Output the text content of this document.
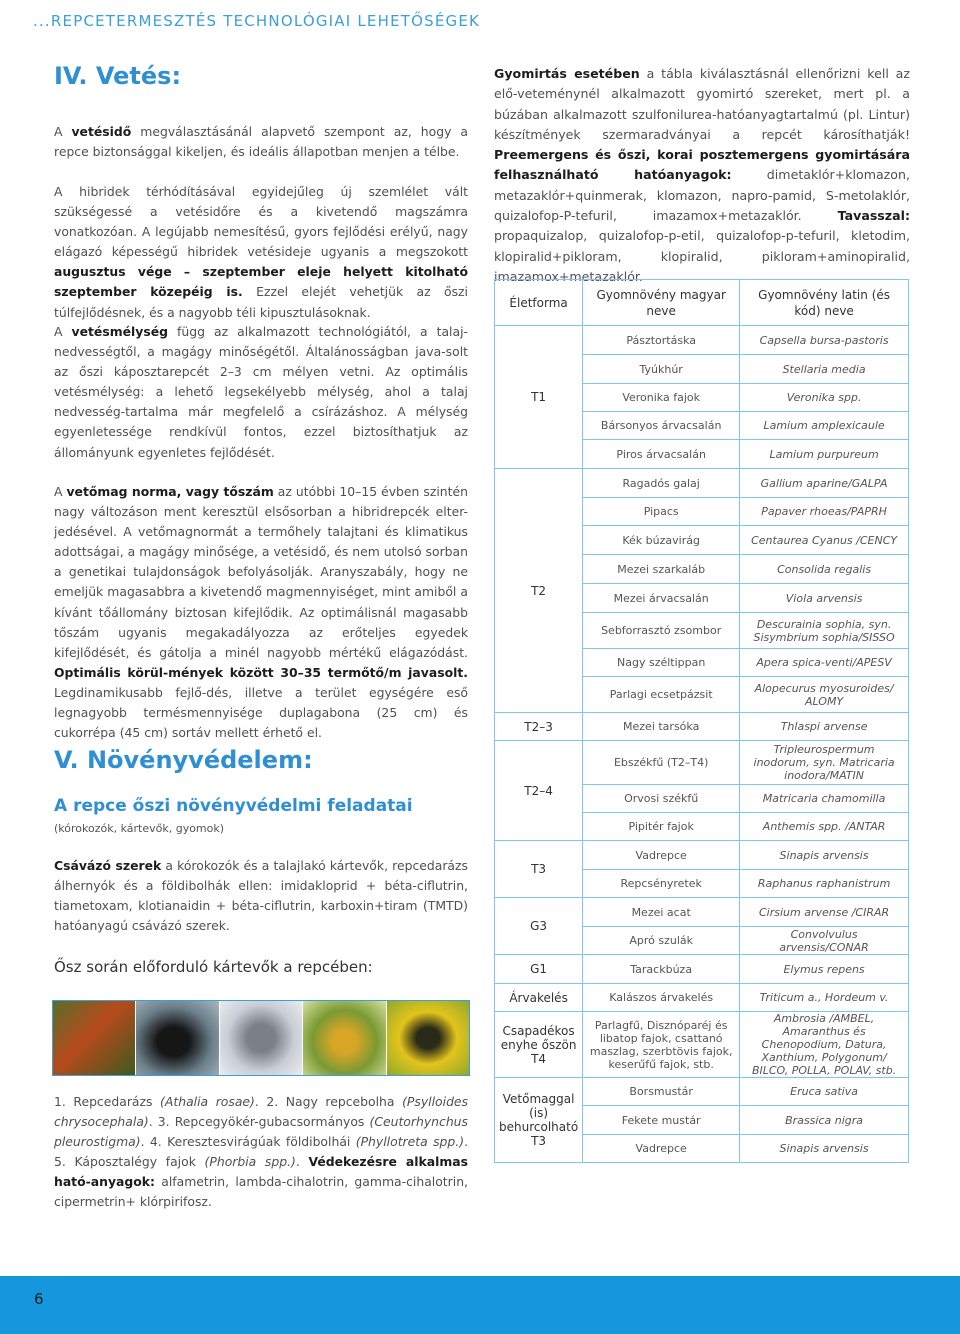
...REPCETERMESZTÉS TECHNOLÓGIAI LEHETŐSÉGEK
IV. Vetés:

A vetésidő megválasztásánál alapvető szempont az, hogy a repce biztonsággal kikeljen, és ideális állapotban menjen a télbe.

A hibridek térhódításával egyidejűleg új szemlélet vált szükségessé a vetésidőre és a kivetendő magszámra vonatkozóan. A legújabb nemesítésű, gyors fejlődési erélyű, nagy elágazó képességű hibridek vetésideje ugyanis a megszokott augusztus vége – szeptember eleje helyett kitolható szeptember közepéig is. Ezzel elejét vehetjük az őszi túlfejlődésnek, és a nagyobb téli kipusztulásoknak.

A vetésmélység függ az alkalmazott technológiától, a talaj-nedvességtől, a magágy minőségétől. Általánosságban java-solt az őszi káposztarepcét 2–3 cm mélyen vetni. Az optimális vetésmélység: a lehető legsekélyebb mélység, ahol a talaj nedvesség-tartalma már megfelelő a csírázáshoz. A mélység egyenletessége rendkívül fontos, ezzel biztosíthatjuk az állományunk egyenletes fejlődését.

A vetőmag norma, vagy tőszám az utóbbi 10–15 évben szintén nagy változáson ment keresztül elsősorban a hibridrepcék elter-jedésével. A vetőmagnormát a termőhely talajtani és klimatikus adottságai, a magágy minősége, a vetésidő, és nem utolsó sorban a genetikai tulajdonságok befolyásolják. Aranyszabály, hogy ne emeljük magasabbra a kivetendő magmennyiséget, mint amiből a kívánt tőállomány biztosan kifejlődik. Az optimálisnál magasabb tőszám ugyanis megakadályozza az erőteljes egyedek kifejlődését, és gátolja a minél nagyobb mértékű elágazódást. Optimális körül-mények között 30–35 termőtő/m javasolt. Legdinamikusabb fejlő-dés, illetve a terület egységére eső legnagyobb termésmennyisége duplagabona (25 cm) és cukorrépa (45 cm) sortáv mellett érhető el.

V. Növényvédelem:
A repce őszi növényvédelmi feladatai
(kórokozók, kártevők, gyomok)

Csávázó szerek a kórokozók és a talajlakó kártevők, repcedarázs álhernyók és a földibolhák ellen: imidakloprid + béta-ciflutrin, tiametoxam, klotianaidin + béta-ciflutrin, karboxin+tiram (TMTD) hatóanyagú csávázó szerek.

Ősz során előforduló kártevők a repcében:

1. Repcedarázs (Athalia rosae). 2. Nagy repcebolha (Psylloides chrysocephala). 3. Repcegyökér-gubacsormányos (Ceutorhynchus pleurostigma). 4. Keresztesvirágúak földibolhái (Phyllotreta spp.). 5. Káposztalégy fajok (Phorbia spp.). Védekezésre alkalmas ható-anyagok: alfametrin, lambda-cihalotrin, gamma-cihalotrin, cipermetrin+ klórpirifosz.

Gyomirtás esetében a tábla kiválasztásnál ellenőrizni kell az elő-veteménynél alkalmazott gyomirtó szereket, mert pl. a búzában alkalmazott szulfonilurea-hatóanyagtartalmú (pl. Lintur) készítmények szermaradványai a repcét károsíthatják! Preemergens és őszi, korai posztemergens gyomirtására felhasználható hatóanyagok: dimetaklór+klomazon, metazaklór+quinmerak, klomazon, napro-pamid, S-metolaklór, quizalofop-P-tefuril, imazamox+metazaklór. Tavasszal: propaquizalop, quizalofop-p-etil, quizalofop-p-tefuril, kletodim, klopiralid+pikloram, klopiralid, pikloram+aminopiralid, imazamox+metazaklór.

Életforma	Gyomnövény magyar neve	Gyomnövény latin (és kód) neve
T1	Pásztortáska	Capsella bursa-pastoris
	Tyúkhúr	Stellaria media
	Veronika fajok	Veronika spp.
	Bársonyos árvacsalán	Lamium amplexicaule
	Piros árvacsalán	Lamium purpureum
T2	Ragadós galaj	Gallium aparine/GALPA
	Pipacs	Papaver rhoeas/PAPRH
	Kék búzavirág	Centaurea Cyanus /CENCY
	Mezei szarkaláb	Consolida regalis
	Mezei árvacsalán	Viola arvensis
	Sebforrasztó zsombor	Descurainia sophia, syn. Sisymbrium sophia/SISSO
	Nagy széltippan	Apera spica-venti/APESV
	Parlagi ecsetpázsit	Alopecurus myosuroides/ ALOMY
T2–3	Mezei tarsóka	Thlaspi arvense
T2–4	Ebszékfű (T2–T4)	Tripleurospermum inodorum, syn. Matricaria inodora/MATIN
	Orvosi székfű	Matricaria chamomilla
	Pipitér fajok	Anthemis spp. /ANTAR
T3	Vadrepce	Sinapis arvensis
	Repcsényretek	Raphanus raphanistrum
G3	Mezei acat	Cirsium arvense /CIRAR
	Apró szulák	Convolvulus arvensis/CONAR
G1	Tarackbúza	Elymus repens
Árvakelés	Kalászos árvakelés	Triticum a., Hordeum v.
Csapadékos enyhe őszön T4	Parlagfű, Disznóparéj és libatop fajok, csattanó maszlag, szerbtövis fajok, keserűfű fajok, stb.	Ambrosia /AMBEL, Amaranthus és Chenopodium, Datura, Xanthium, Polygonum/ BILCO, POLLA, POLAV, stb.
Vetőmaggal (is) behurcolható T3	Borsmustár	Eruca sativa
	Fekete mustár	Brassica nigra
	Vadrepce	Sinapis arvensis
6
